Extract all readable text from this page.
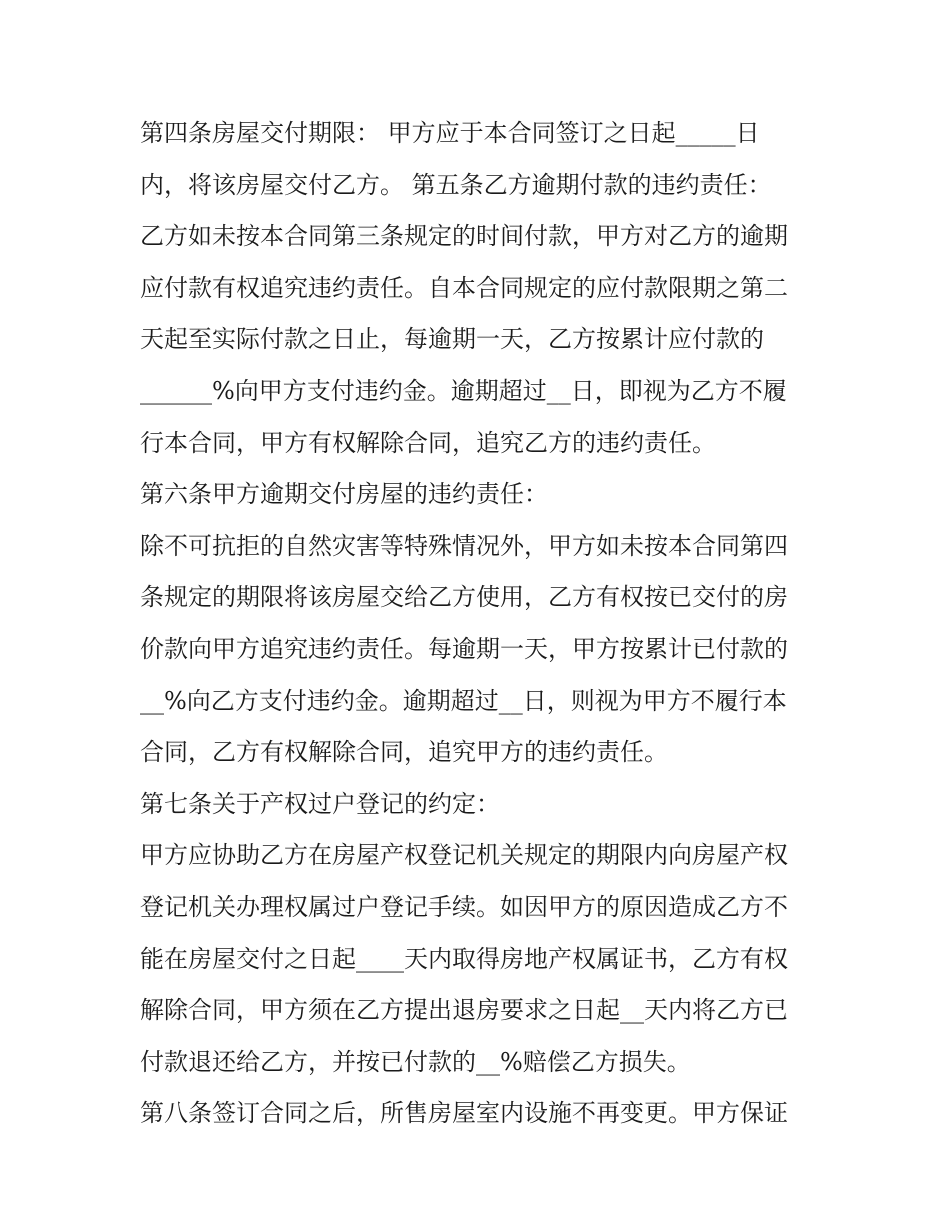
第四条房屋交付期限： 甲方应于本合同签订之日起_____日
内，将该房屋交付乙方。 第五条乙方逾期付款的违约责任：
乙方如未按本合同第三条规定的时间付款，甲方对乙方的逾期
应付款有权追究违约责任。自本合同规定的应付款限期之第二
天起至实际付款之日止，每逾期一天，乙方按累计应付款的
______%向甲方支付违约金。逾期超过__日，即视为乙方不履
行本合同，甲方有权解除合同，追究乙方的违约责任。
第六条甲方逾期交付房屋的违约责任：
除不可抗拒的自然灾害等特殊情况外，甲方如未按本合同第四
条规定的期限将该房屋交给乙方使用，乙方有权按已交付的房
价款向甲方追究违约责任。每逾期一天，甲方按累计已付款的
__%向乙方支付违约金。逾期超过__日，则视为甲方不履行本
合同，乙方有权解除合同，追究甲方的违约责任。
第七条关于产权过户登记的约定：
甲方应协助乙方在房屋产权登记机关规定的期限内向房屋产权
登记机关办理权属过户登记手续。如因甲方的原因造成乙方不
能在房屋交付之日起____天内取得房地产权属证书，乙方有权
解除合同，甲方须在乙方提出退房要求之日起__天内将乙方已
付款退还给乙方，并按已付款的__%赔偿乙方损失。
第八条签订合同之后，所售房屋室内设施不再变更。甲方保证
